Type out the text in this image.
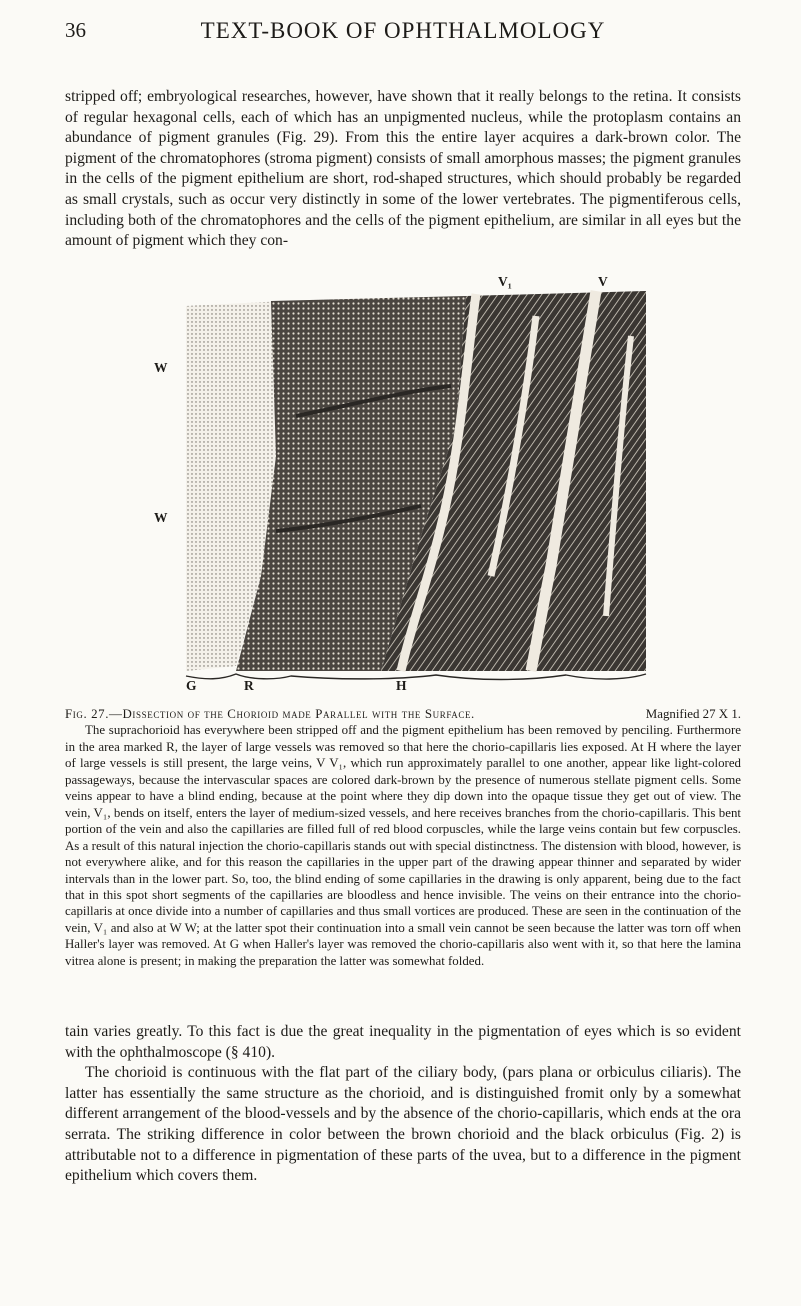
36	TEXT-BOOK OF OPHTHALMOLOGY

stripped off; embryological researches, however, have shown that it really belongs to the retina. It consists of regular hexagonal cells, each of which has an unpigmented nucleus, while the protoplasm contains an abundance of pigment granules (Fig. 29). From this the entire layer acquires a dark-brown color. The pigment of the chromatophores (stroma pigment) consists of small amorphous masses; the pigment granules in the cells of the pigment epithelium are short, rod-shaped structures, which should probably be regarded as small crystals, such as occur very distinctly in some of the lower vertebrates. The pigmentiferous cells, including both of the chromatophores and the cells of the pigment epithelium, are similar in all eyes but the amount of pigment which they con-

V₁	V
W
W
G	R	H
Fig. 27.—Dissection of the Chorioid made Parallel with the Surface.	Magnified 27 X 1.

The suprachorioid has everywhere been stripped off and the pigment epithelium has been removed by penciling. Furthermore in the area marked R, the layer of large vessels was removed so that here the chorio-capillaris lies exposed. At H where the layer of large vessels is still present, the large veins, V V₁, which run approximately parallel to one another, appear like light-colored passageways, because the intervascular spaces are colored dark-brown by the presence of numerous stellate pigment cells. Some veins appear to have a blind ending, because at the point where they dip down into the opaque tissue they get out of view. The vein, V₁, bends on itself, enters the layer of medium-sized vessels, and here receives branches from the chorio-capillaris. This bent portion of the vein and also the capillaries are filled full of red blood corpuscles, while the large veins contain but few corpuscles. As a result of this natural injection the chorio-capillaris stands out with special distinctness. The distension with blood, however, is not everywhere alike, and for this reason the capillaries in the upper part of the drawing appear thinner and separated by wider intervals than in the lower part. So, too, the blind ending of some capillaries in the drawing is only apparent, being due to the fact that in this spot short segments of the capillaries are bloodless and hence invisible. The veins on their entrance into the chorio-capillaris at once divide into a number of capillaries and thus small vortices are produced. These are seen in the continuation of the vein, V₁ and also at W W; at the latter spot their continuation into a small vein cannot be seen because the latter was torn off when Haller's layer was removed. At G when Haller's layer was removed the chorio-capillaris also went with it, so that here the lamina vitrea alone is present; in making the preparation the latter was somewhat folded.

tain varies greatly. To this fact is due the great inequality in the pigmentation of eyes which is so evident with the ophthalmoscope (§ 410).

The chorioid is continuous with the flat part of the ciliary body, (pars plana or orbiculus ciliaris). The latter has essentially the same structure as the chorioid, and is distinguished fromit only by a somewhat different arrangement of the blood-vessels and by the absence of the chorio-capillaris, which ends at the ora serrata. The striking difference in color between the brown chorioid and the black orbiculus (Fig. 2) is attributable not to a difference in pigmentation of these parts of the uvea, but to a difference in the pigment epithelium which covers them.
